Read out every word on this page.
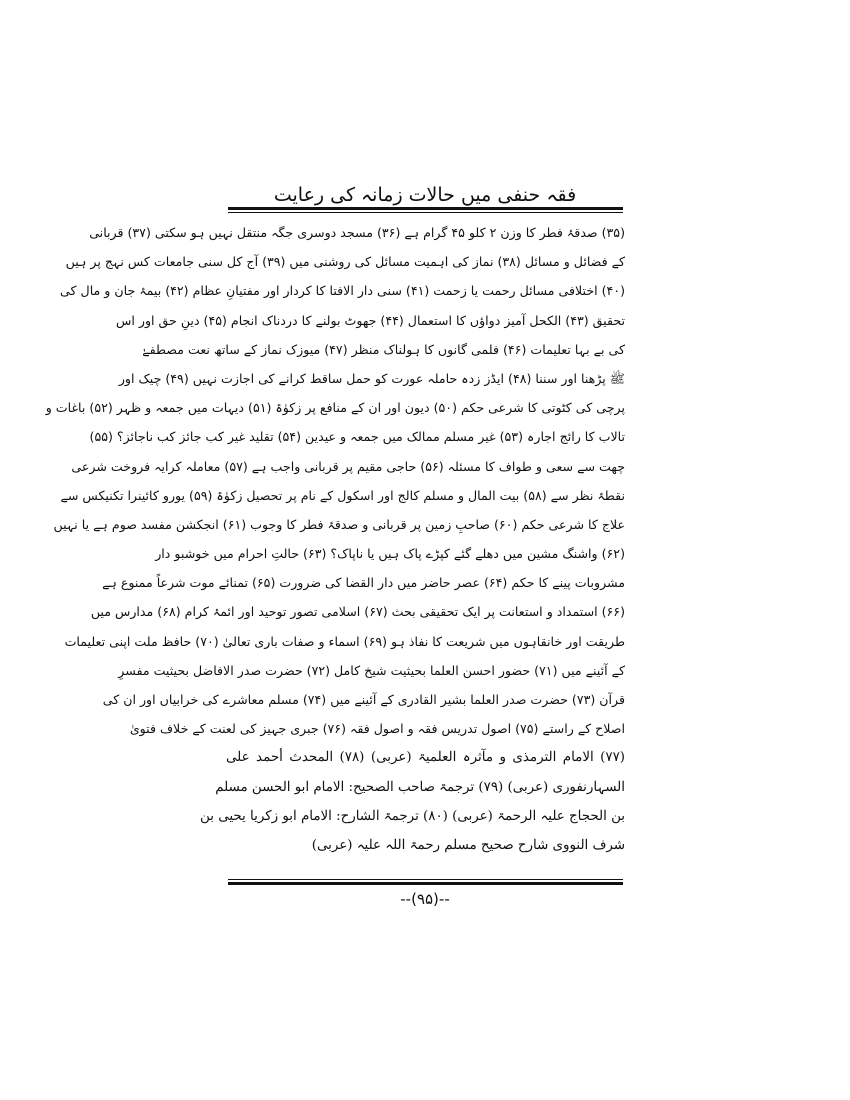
فقہ حنفی میں حالات زمانہ کی رعایت
(۳۵) صدقۂ فطر کا وزن ۲ کلو ۴۵ گرام ہے (۳۶) مسجد دوسری جگہ منتقل نہیں ہو سکتی (۳۷) قربانی
کے فضائل و مسائل (۳۸) نماز کی اہمیت مسائل کی روشنی میں (۳۹) آج کل سنی جامعات کس نہج پر ہیں
(۴۰) اختلافی مسائل رحمت یا زحمت (۴۱) سنی دار الافتا کا کردار اور مفتیانِ عظام (۴۲) بیمۂ جان و مال کی
تحقیق (۴۳) الکحل آمیز دواؤں کا استعمال (۴۴) جھوٹ بولنے کا دردناک انجام (۴۵) دینِ حق اور اس
کی بے بہا تعلیمات (۴۶) فلمی گانوں کا ہولناک منظر (۴۷) میوزک نماز کے ساتھ نعت مصطفےٰ
ﷺ پڑھنا اور سننا (۴۸) ایڈز زدہ حاملہ عورت کو حمل ساقط کرانے کی اجازت نہیں (۴۹) چیک اور
پرچی کی کٹوتی کا شرعی حکم (۵۰) دیون اور ان کے منافع پر زکوٰۃ (۵۱) دیہات میں جمعہ و ظہر (۵۲) باغات و
تالاب کا رائج اجارہ (۵۳) غیر مسلم ممالک میں جمعہ و عیدین (۵۴) تقلید غیر کب جائز کب ناجائز؟ (۵۵)
چھت سے سعی و طواف کا مسئلہ (۵۶) حاجی مقیم پر قربانی واجب ہے (۵۷) معاملہ کرایہ فروخت شرعی
نقطۂ نظر سے (۵۸) بیت المال و مسلم کالج اور اسکول کے نام پر تحصیل زکوٰۃ (۵۹) یورو کائینرا تکنیکس سے
علاج کا شرعی حکم (۶۰) صاحبِ زمین پر قربانی و صدقۂ فطر کا وجوب (۶۱) انجکشن مفسد صوم ہے یا نہیں
(۶۲) واشنگ مشین میں دھلے گئے کپڑے پاک ہیں یا ناپاک؟ (۶۳) حالتِ احرام میں خوشبو دار
مشروبات پینے کا حکم (۶۴) عصر حاضر میں دار القضا کی ضرورت (۶۵) تمنائے موت شرعاً ممنوع ہے
(۶۶) استمداد و استعانت پر ایک تحقیقی بحث (۶۷) اسلامی تصور توحید اور ائمۂ کرام (۶۸) مدارس میں
طریقت اور خانقاہوں میں شریعت کا نفاذ ہو (۶۹) اسماء و صفات باری تعالیٰ (۷۰) حافظ ملت اپنی تعلیمات
کے آئینے میں (۷۱) حضور احسن العلما بحیثیت شیخ کامل (۷۲) حضرت صدر الافاضل بحیثیت مفسرِ
قرآن (۷۳) حضرت صدر العلما بشیر القادری کے آئینے میں (۷۴) مسلم معاشرے کی خرابیاں اور ان کی
اصلاح کے راستے (۷۵) اصول تدریس فقہ و اصول فقہ (۷۶) جبری جہیز کی لعنت کے خلاف فتویٰ
(۷۷) الامام الترمذی و مآثرہ العلمیۃ (عربی) (۷۸) المحدث أحمد علی
السہارنفوری (عربی) (۷۹) ترجمۃ صاحب الصحیح: الامام ابو الحسن مسلم
بن الحجاج علیہ الرحمۃ (عربی) (۸۰) ترجمۃ الشارح: الامام ابو زکریا یحیی بن
شرف النووی شارح صحیح مسلم رحمۃ اللہ علیہ (عربی)
--(۹۵)--
